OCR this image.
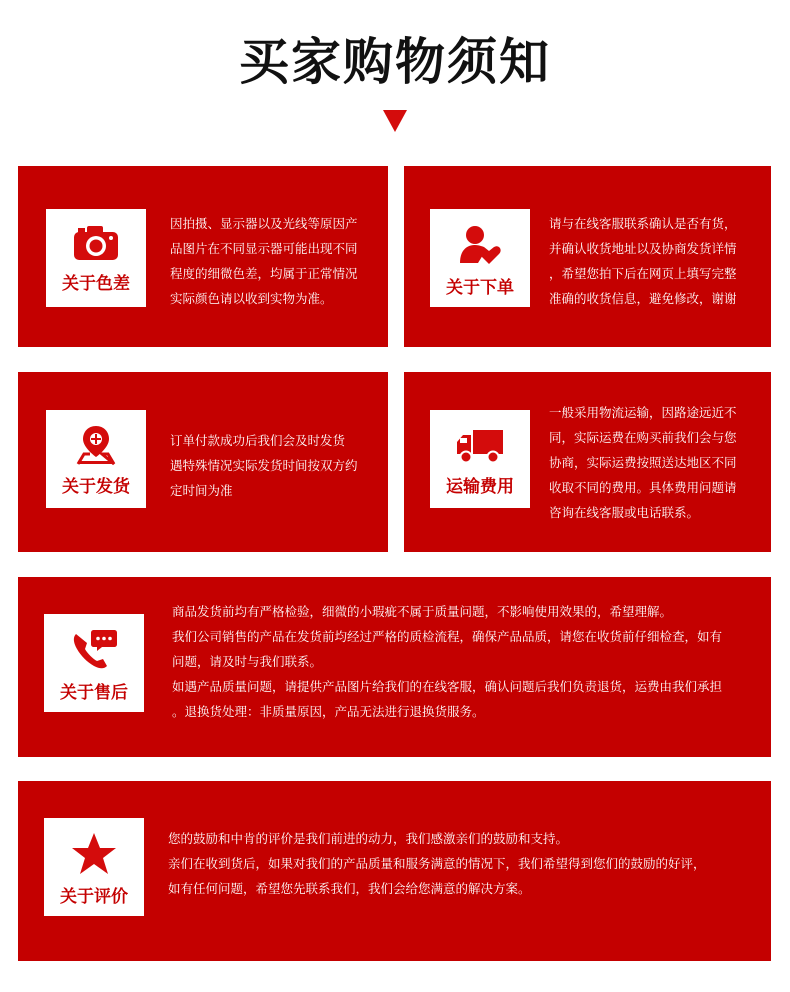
买家购物须知
关于色差

因拍摄、显示器以及光线等原因产

品图片在不同显示器可能出现不同

程度的细微色差，均属于正常情况

实际颜色请以收到实物为准。

关于下单

请与在线客服联系确认是否有货，

并确认收货地址以及协商发货详情

，希望您拍下后在网页上填写完整

准确的收货信息，避免修改，谢谢

关于发货

订单付款成功后我们会及时发货

遇特殊情况实际发货时间按双方约

定时间为准	运输费用

一般采用物流运输，因路途远近不

同，实际运费在购买前我们会与您

协商，实际运费按照送达地区不同

收取不同的费用。具体费用问题请

咨询在线客服或电话联系。

关于售后

商品发货前均有严格检验，细微的小瑕疵不属于质量问题，不影响使用效果的，希望理解。

我们公司销售的产品在发货前均经过严格的质检流程，确保产品品质，请您在收货前仔细检查，如有

问题，请及时与我们联系。

如遇产品质量问题，请提供产品图片给我们的在线客服，确认问题后我们负责退货，运费由我们承担

。退换货处理：非质量原因，产品无法进行退换货服务。

关于评价

您的鼓励和中肯的评价是我们前进的动力，我们感激亲们的鼓励和支持。

亲们在收到货后，如果对我们的产品质量和服务满意的情况下，我们希望得到您们的鼓励的好评，

如有任何问题，希望您先联系我们，我们会给您满意的解决方案。
